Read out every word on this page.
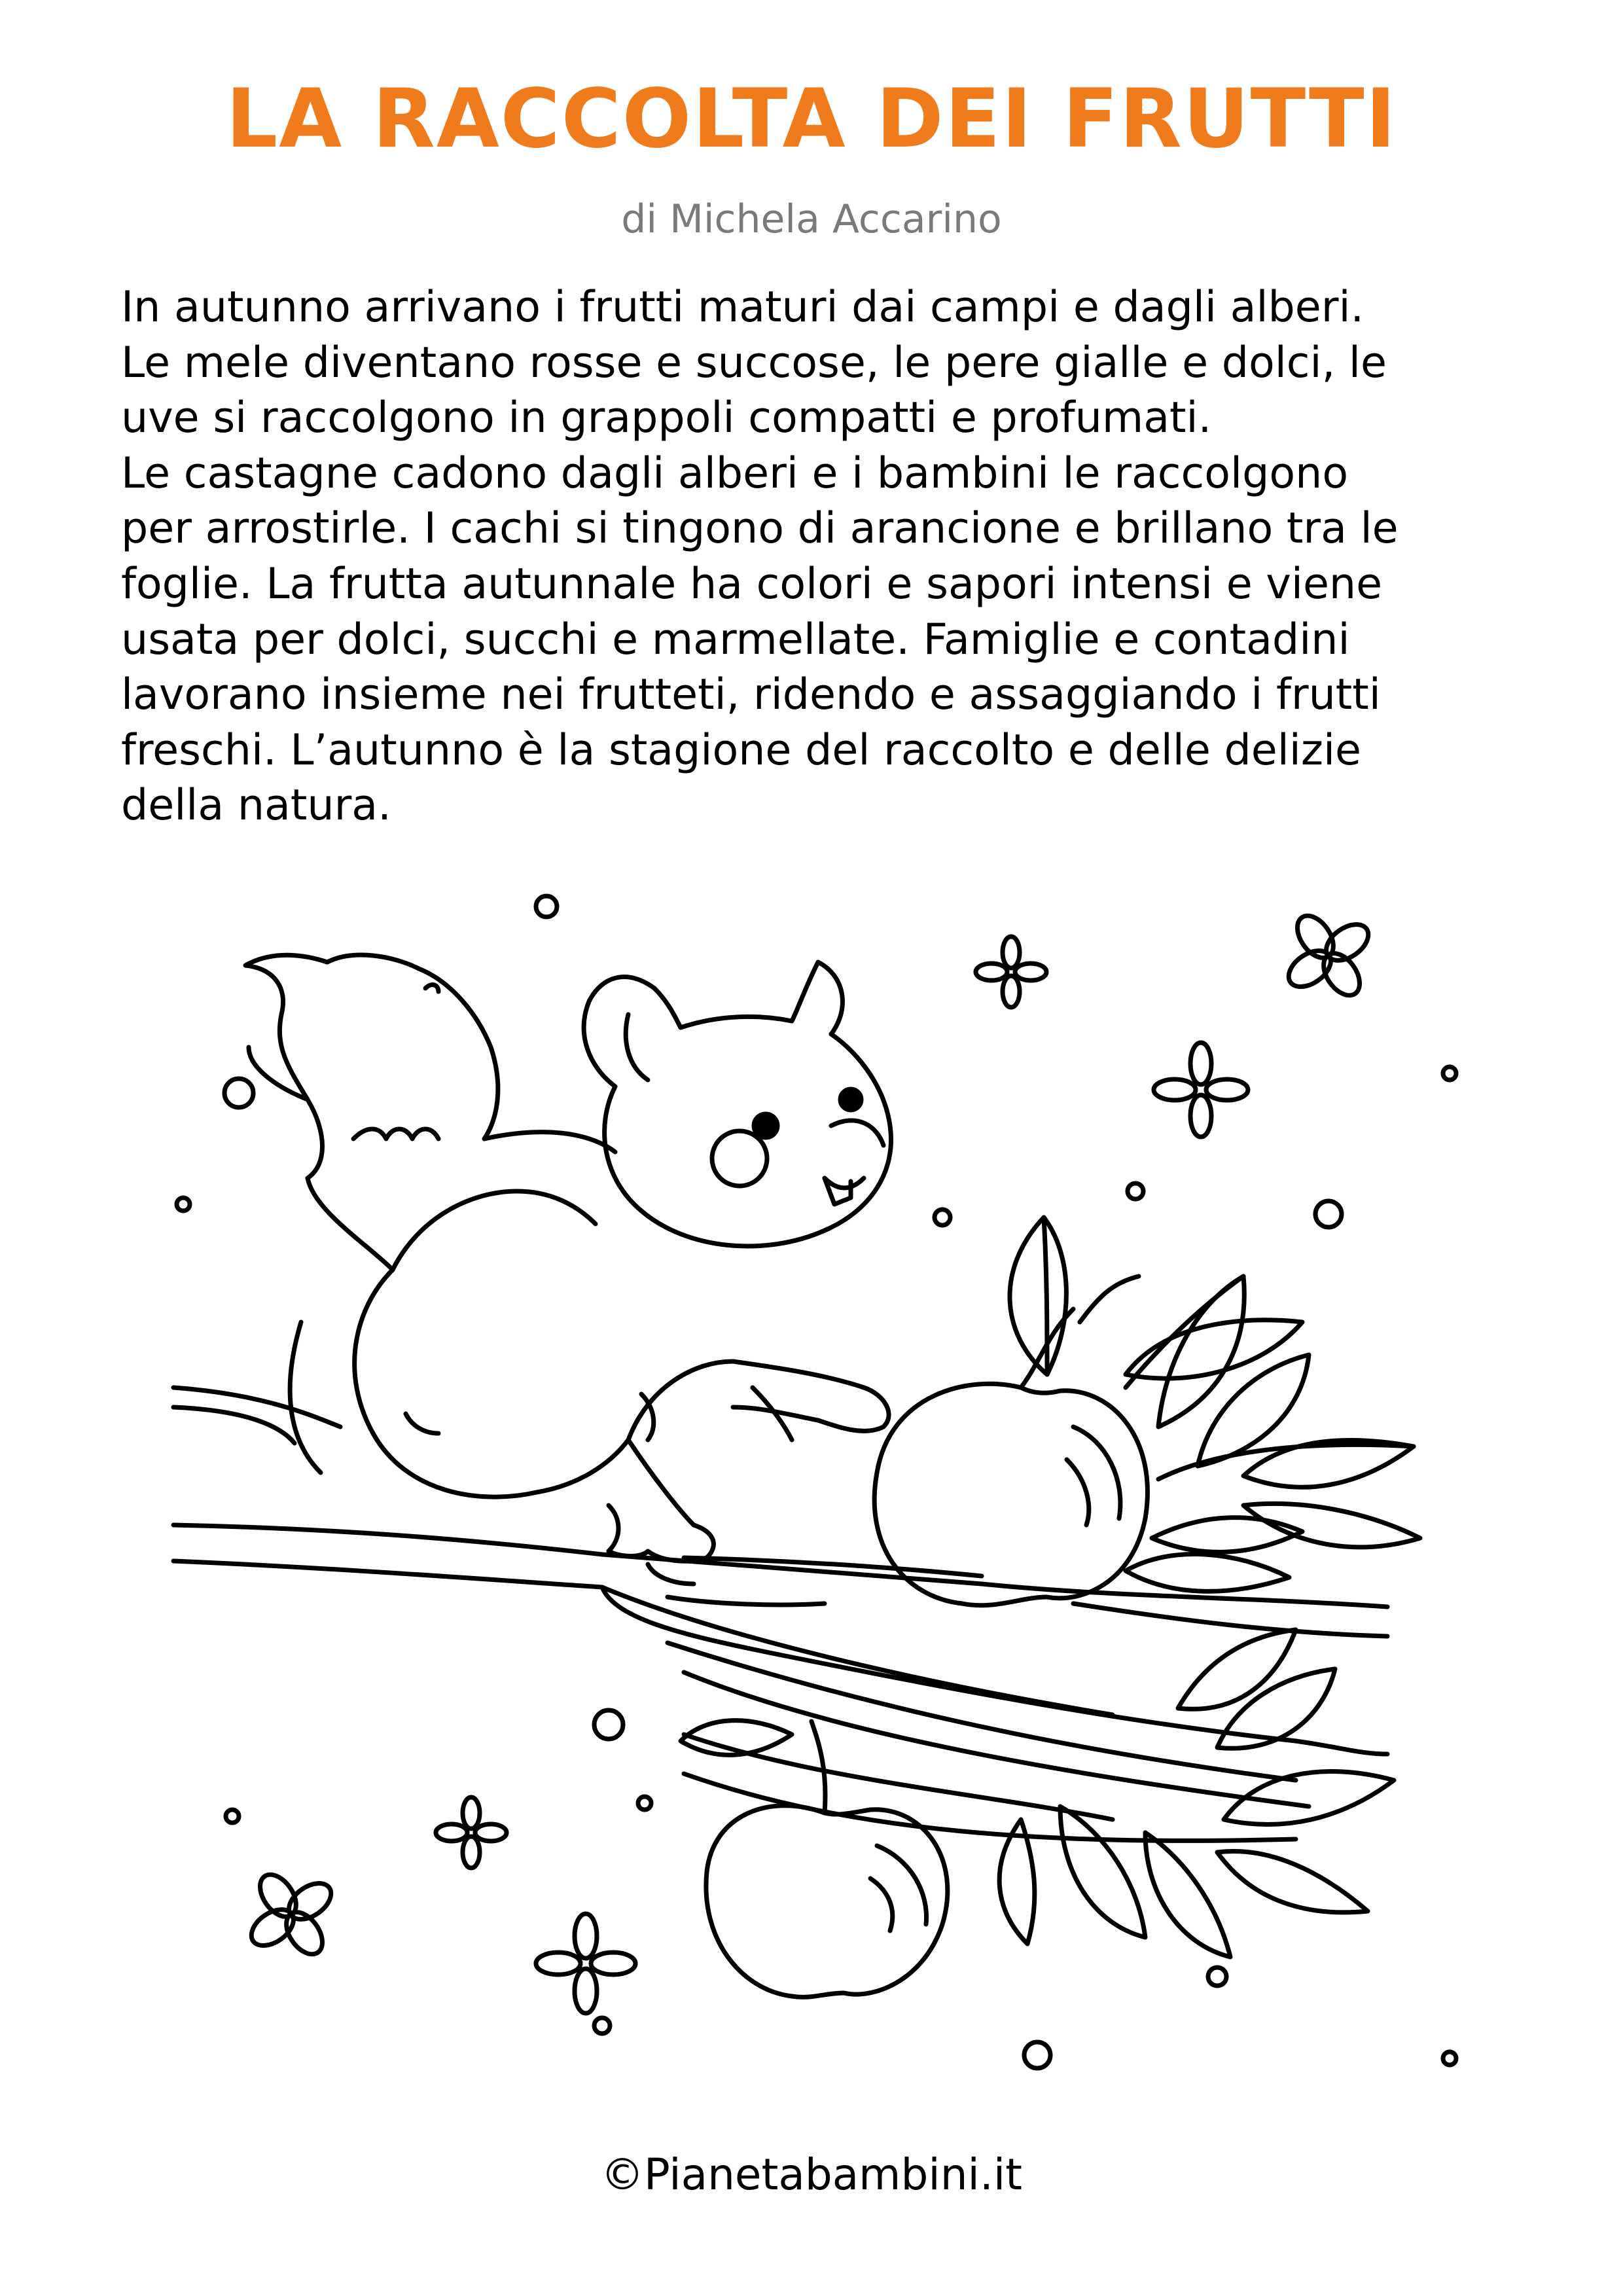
LA RACCOLTA DEI FRUTTI
di Michela Accarino
In autunno arrivano i frutti maturi dai campi e dagli alberi.
Le mele diventano rosse e succose, le pere gialle e dolci, le
uve si raccolgono in grappoli compatti e profumati.
Le castagne cadono dagli alberi e i bambini le raccolgono
per arrostirle. I cachi si tingono di arancione e brillano tra le
foglie. La frutta autunnale ha colori e sapori intensi e viene
usata per dolci, succhi e marmellate. Famiglie e contadini
lavorano insieme nei frutteti, ridendo e assaggiando i frutti
freschi. L’autunno è la stagione del raccolto e delle delizie
della natura.
©Pianetabambini.it
